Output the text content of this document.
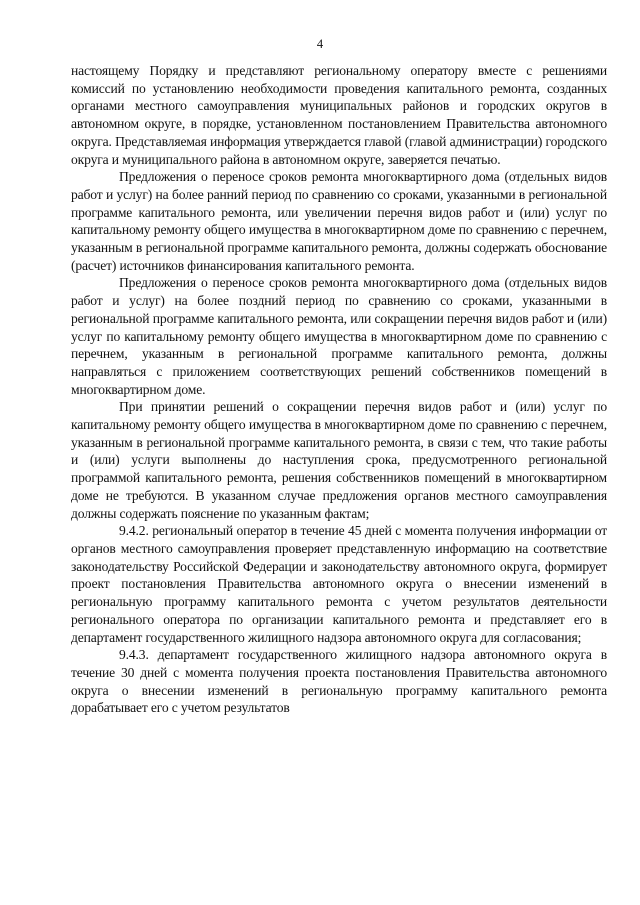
4

настоящему Порядку и представляют региональному оператору вместе с решениями комиссий по установлению необходимости проведения капитального ремонта, созданных органами местного самоуправления муниципальных районов и городских округов в автономном округе, в порядке, установленном постановлением Правительства автономного округа. Представляемая информация утверждается главой (главой администрации) городского округа и муниципального района в автономном округе, заверяется печатью.

Предложения о переносе сроков ремонта многоквартирного дома (отдельных видов работ и услуг) на более ранний период по сравнению со сроками, указанными в региональной программе капитального ремонта, или увеличении перечня видов работ и (или) услуг по капитальному ремонту общего имущества в многоквартирном доме по сравнению с перечнем, указанным в региональной программе капитального ремонта, должны содержать обоснование (расчет) источников финансирования капитального ремонта.

Предложения о переносе сроков ремонта многоквартирного дома (отдельных видов работ и услуг) на более поздний период по сравнению со сроками, указанными в региональной программе капитального ремонта, или сокращении перечня видов работ и (или) услуг по капитальному ремонту общего имущества в многоквартирном доме по сравнению с перечнем, указанным в региональной программе капитального ремонта, должны направляться с приложением соответствующих решений собственников помещений в многоквартирном доме.

При принятии решений о сокращении перечня видов работ и (или) услуг по капитальному ремонту общего имущества в многоквартирном доме по сравнению с перечнем, указанным в региональной программе капитального ремонта, в связи с тем, что такие работы и (или) услуги выполнены до наступления срока, предусмотренного региональной программой капитального ремонта, решения собственников помещений в многоквартирном доме не требуются. В указанном случае предложения органов местного самоуправления должны содержать пояснение по указанным фактам;

9.4.2. региональный оператор в течение 45 дней с момента получения информации от органов местного самоуправления проверяет представленную информацию на соответствие законодательству Российской Федерации и законодательству автономного округа, формирует проект постановления Правительства автономного округа о внесении изменений в региональную программу капитального ремонта с учетом результатов деятельности регионального оператора по организации капитального ремонта и представляет его в департамент государственного жилищного надзора автономного округа для согласования;

9.4.3. департамент государственного жилищного надзора автономного округа в течение 30 дней с момента получения проекта постановления Правительства автономного округа о внесении изменений в региональную программу капитального ремонта дорабатывает его с учетом результатов
